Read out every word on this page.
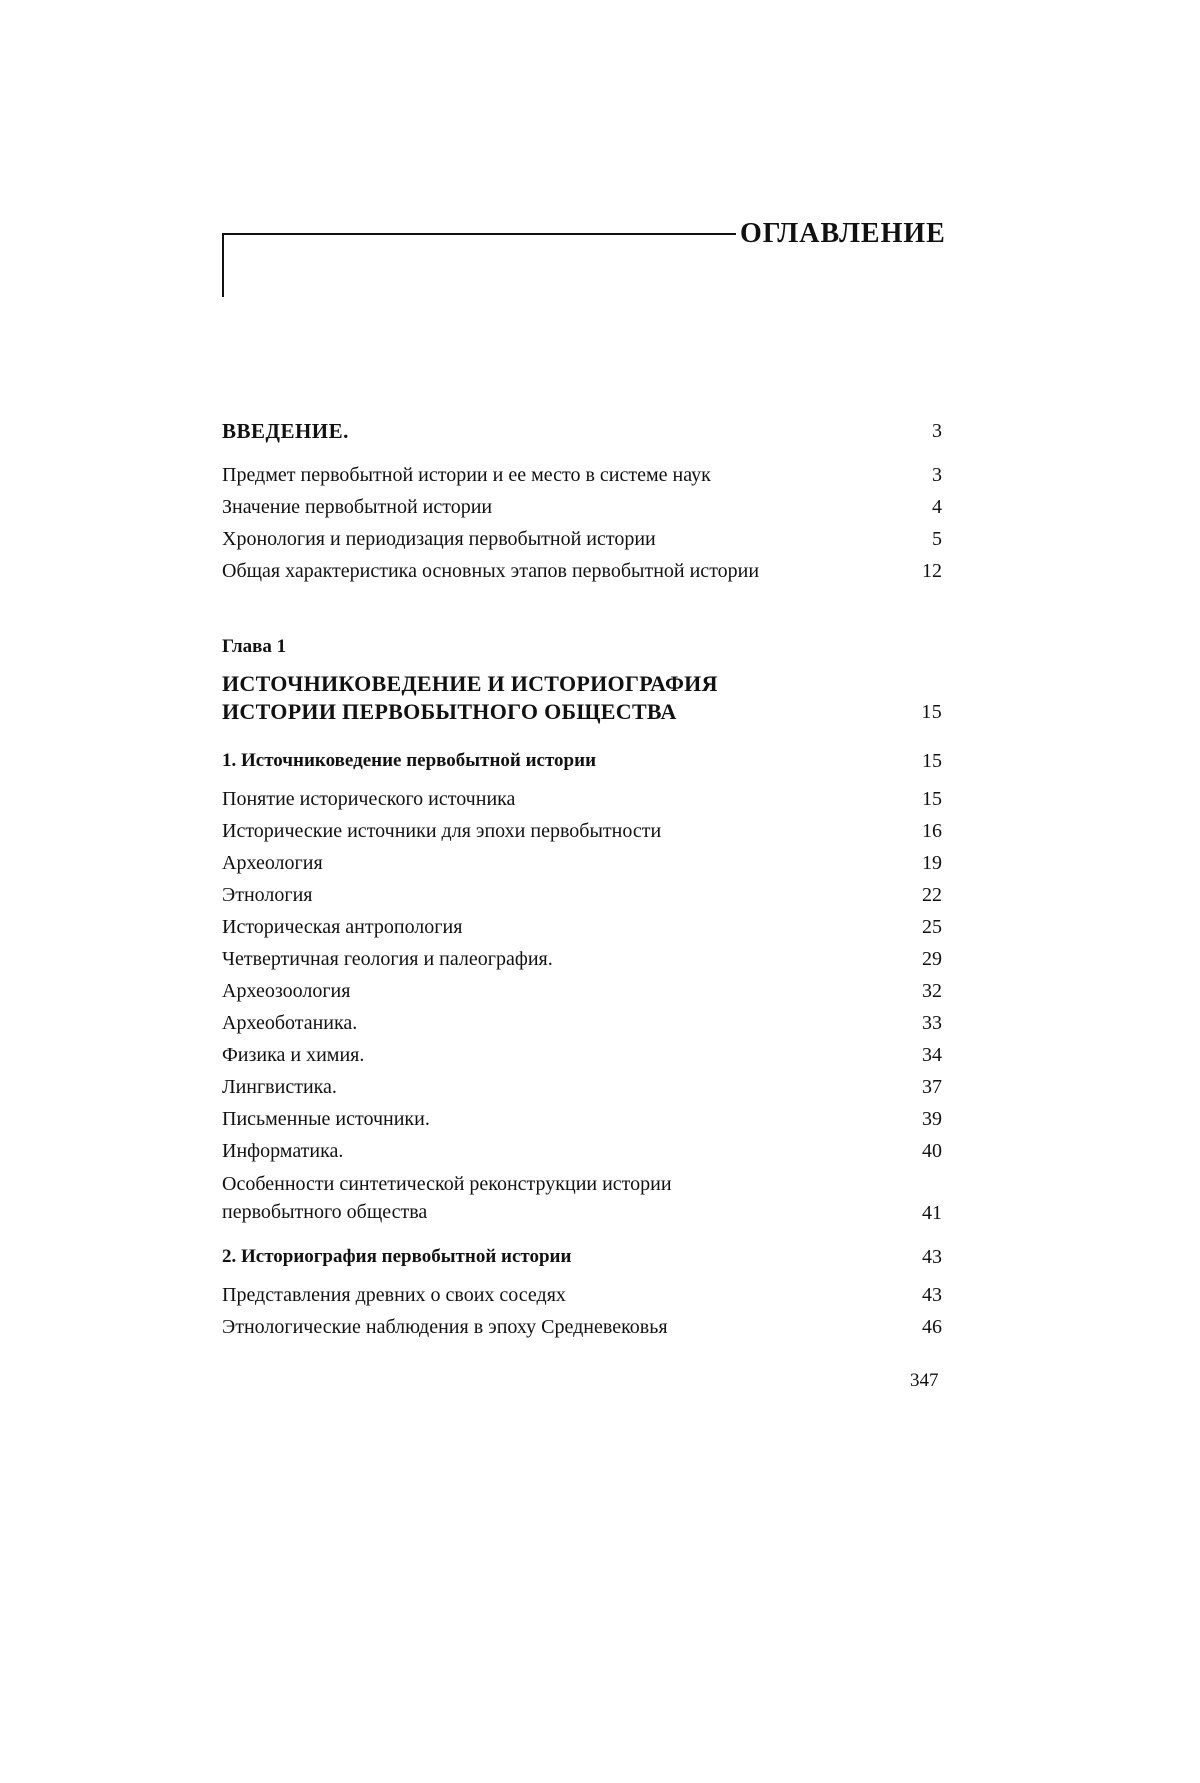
ОГЛАВЛЕНИЕ
ВВЕДЕНИЕ.	3
Предмет первобытной истории и ее место в системе наук	3
Значение первобытной истории	4
Хронология и периодизация первобытной истории	5
Общая характеристика основных этапов первобытной истории	12
Глава 1
ИСТОЧНИКОВЕДЕНИЕ И ИСТОРИОГРАФИЯ
ИСТОРИИ ПЕРВОБЫТНОГО ОБЩЕСТВА	15
1. Источниковедение первобытной истории	15
Понятие исторического источника	15
Исторические источники для эпохи первобытности	16
Археология	19
Этнология	22
Историческая антропология	25
Четвертичная геология и палеография.	29
Археозоология	32
Археоботаника.	33
Физика и химия.	34
Лингвистика.	37
Письменные источники.	39
Информатика.	40
Особенности синтетической реконструкции истории первобытного общества	41
2. Историография первобытной истории	43
Представления древних о своих соседях	43
Этнологические наблюдения в эпоху Средневековья	46
347
